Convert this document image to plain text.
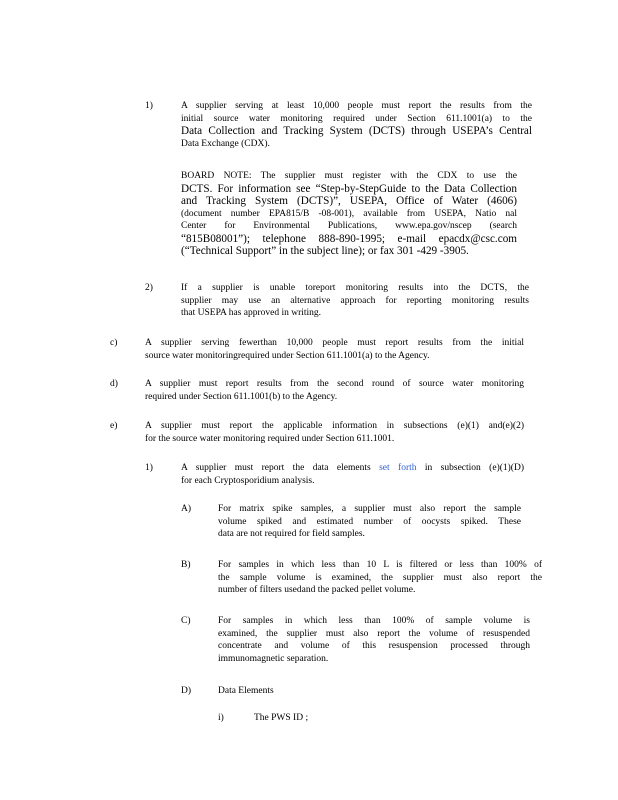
1)	A supplier serving at least 10,000 people must report the results from the
initial source water monitoring required under Section 611.1001(a) to the
Data Collection and Tracking System (DCTS) through USEPA’s Central
Data Exchange (CDX).
BOARD NOTE: The supplier must register with the CDX to use the
DCTS. For information see “Step-by-StepGuide to the Data Collection
and Tracking System (DCTS)”, USEPA, Office of Water (4606)
(document number EPA815/B -08-001), available from USEPA, Natio nal
Center for Environmental Publications, www.epa.gov/nscep (search
“815B08001”); telephone 888-890-1995; e-mail epacdx@csc.com
(“Technical Support” in the subject line); or fax 301 -429 -3905.
2)	If a supplier is unable toreport monitoring results into the DCTS, the
supplier may use an alternative approach for reporting monitoring results
that USEPA has approved in writing.
c)	A supplier serving fewerthan 10,000 people must report results from the initial
source water monitoringrequired under Section 611.1001(a) to the Agency.
d)	A supplier must report results from the second round of source water monitoring
required under Section 611.1001(b) to the Agency.
e)	A supplier must report the applicable information in subsections (e)(1) and(e)(2)
for the source water monitoring required under Section 611.1001.
1)	A supplier must report the data elements set forth in subsection (e)(1)(D)
for each Cryptosporidium analysis.
A)	For matrix spike samples, a supplier must also report the sample
volume spiked and estimated number of oocysts spiked. These
data are not required for field samples.
B)	For samples in which less than 10 L is filtered or less than 100% of
the sample volume is examined, the supplier must also report the
number of filters usedand the packed pellet volume.
C)	For samples in which less than 100% of sample volume is
examined, the supplier must also report the volume of resuspended
concentrate and volume of this resuspension processed through
immunomagnetic separation.
D)	Data Elements
i)	The PWS ID ;
